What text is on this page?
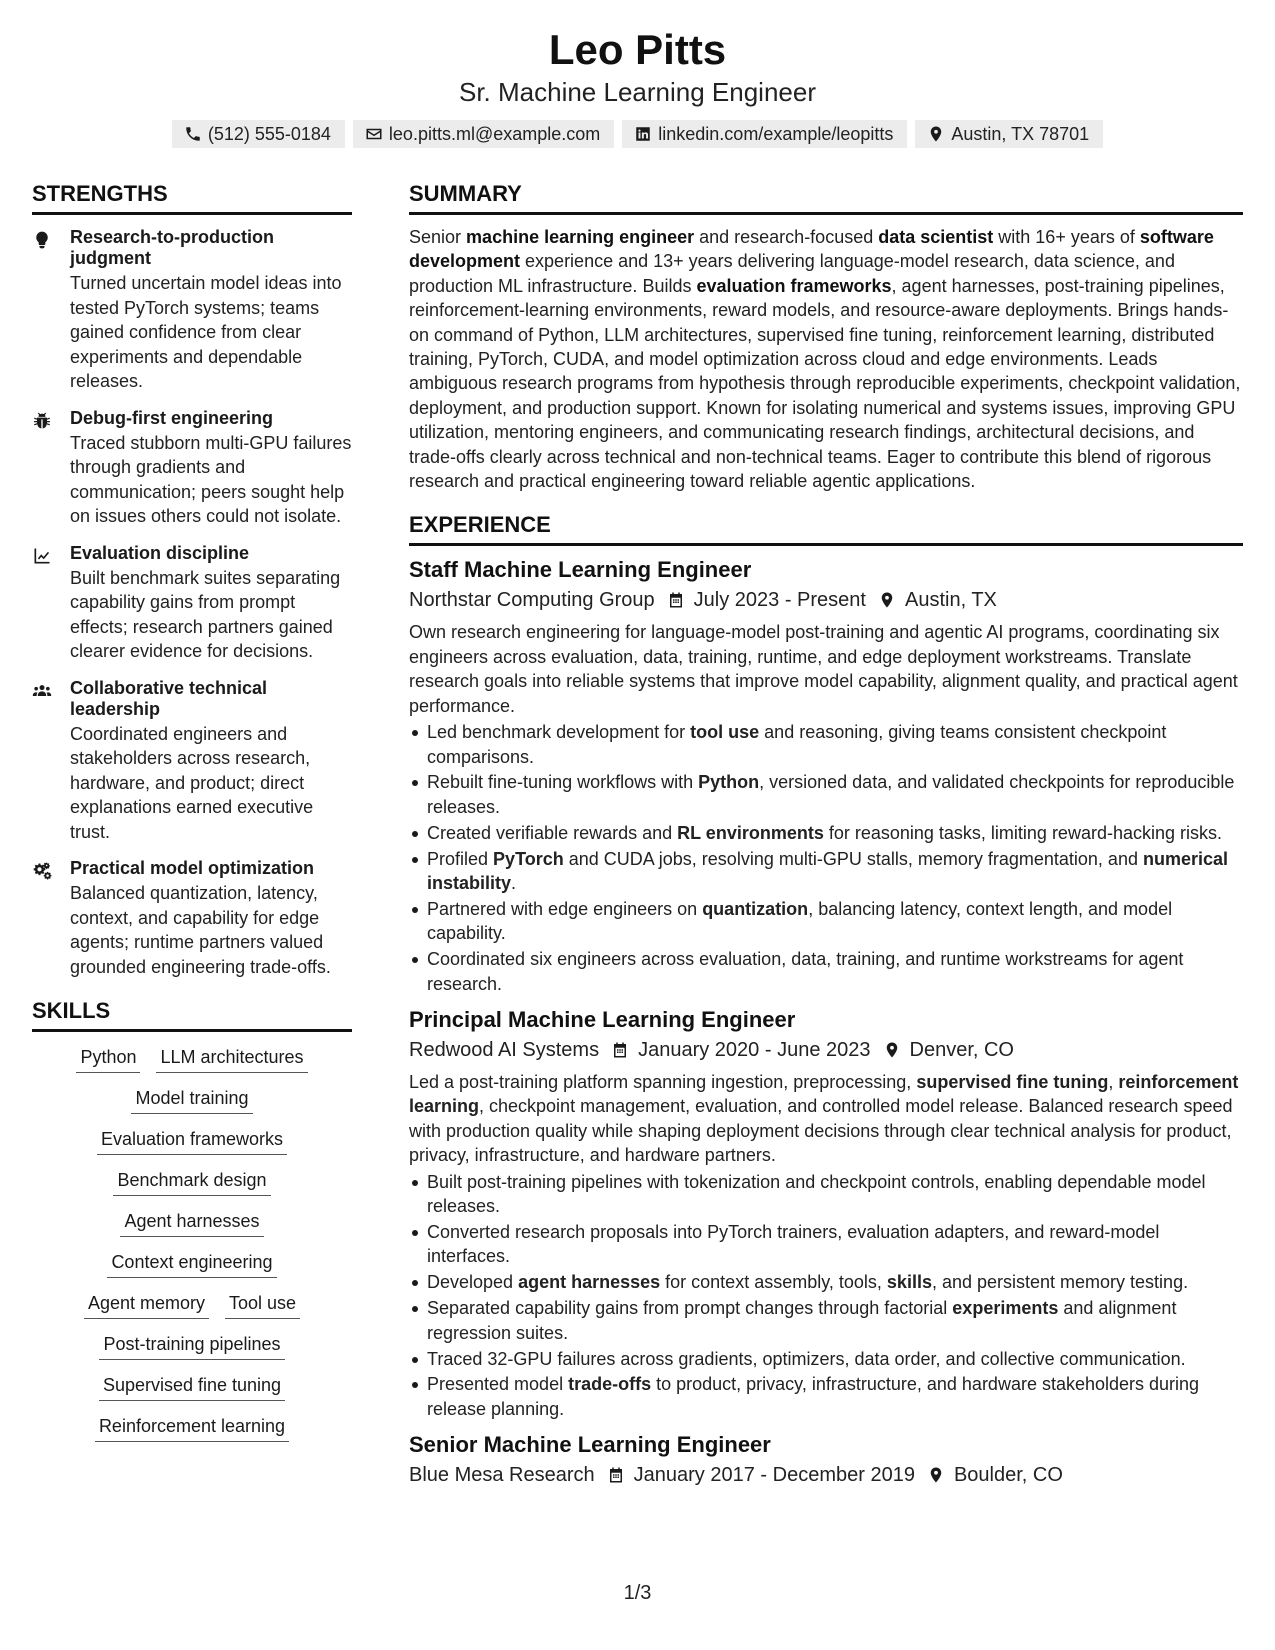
Leo Pitts
Sr. Machine Learning Engineer
(512) 555-0184	leo.pitts.ml@example.com	linkedin.com/example/leopitts	Austin, TX 78701
STRENGTHS
Research-to-production judgment
Turned uncertain model ideas into tested PyTorch systems; teams gained confidence from clear experiments and dependable releases.
Debug-first engineering
Traced stubborn multi-GPU failures through gradients and communication; peers sought help on issues others could not isolate.
Evaluation discipline
Built benchmark suites separating capability gains from prompt effects; research partners gained clearer evidence for decisions.
Collaborative technical leadership
Coordinated engineers and stakeholders across research, hardware, and product; direct explanations earned executive trust.
Practical model optimization
Balanced quantization, latency, context, and capability for edge agents; runtime partners valued grounded engineering trade-offs.
SKILLS
Python LLM architectures
Model training
Evaluation frameworks
Benchmark design
Agent harnesses
Context engineering
Agent memory Tool use
Post-training pipelines
Supervised fine tuning
Reinforcement learning
SUMMARY
Senior machine learning engineer and research-focused data scientist with 16+ years of software development experience and 13+ years delivering language-model research, data science, and production ML infrastructure. Builds evaluation frameworks, agent harnesses, post-training pipelines, reinforcement-learning environments, reward models, and resource-aware deployments. Brings hands-on command of Python, LLM architectures, supervised fine tuning, reinforcement learning, distributed training, PyTorch, CUDA, and model optimization across cloud and edge environments. Leads ambiguous research programs from hypothesis through reproducible experiments, checkpoint validation, deployment, and production support. Known for isolating numerical and systems issues, improving GPU utilization, mentoring engineers, and communicating research findings, architectural decisions, and trade-offs clearly across technical and non-technical teams. Eager to contribute this blend of rigorous research and practical engineering toward reliable agentic applications.
EXPERIENCE
Staff Machine Learning Engineer
Northstar Computing Group July 2023 - Present Austin, TX
Own research engineering for language-model post-training and agentic AI programs, coordinating six engineers across evaluation, data, training, runtime, and edge deployment workstreams. Translate research goals into reliable systems that improve model capability, alignment quality, and practical agent performance.
Led benchmark development for tool use and reasoning, giving teams consistent checkpoint comparisons.
Rebuilt fine-tuning workflows with Python, versioned data, and validated checkpoints for reproducible releases.
Created verifiable rewards and RL environments for reasoning tasks, limiting reward-hacking risks.
Profiled PyTorch and CUDA jobs, resolving multi-GPU stalls, memory fragmentation, and numerical instability.
Partnered with edge engineers on quantization, balancing latency, context length, and model capability.
Coordinated six engineers across evaluation, data, training, and runtime workstreams for agent research.
Principal Machine Learning Engineer
Redwood AI Systems January 2020 - June 2023 Denver, CO
Led a post-training platform spanning ingestion, preprocessing, supervised fine tuning, reinforcement learning, checkpoint management, evaluation, and controlled model release. Balanced research speed with production quality while shaping deployment decisions through clear technical analysis for product, privacy, infrastructure, and hardware partners.
Built post-training pipelines with tokenization and checkpoint controls, enabling dependable model releases.
Converted research proposals into PyTorch trainers, evaluation adapters, and reward-model interfaces.
Developed agent harnesses for context assembly, tools, skills, and persistent memory testing.
Separated capability gains from prompt changes through factorial experiments and alignment regression suites.
Traced 32-GPU failures across gradients, optimizers, data order, and collective communication.
Presented model trade-offs to product, privacy, infrastructure, and hardware stakeholders during release planning.
Senior Machine Learning Engineer
Blue Mesa Research January 2017 - December 2019 Boulder, CO
1/3
